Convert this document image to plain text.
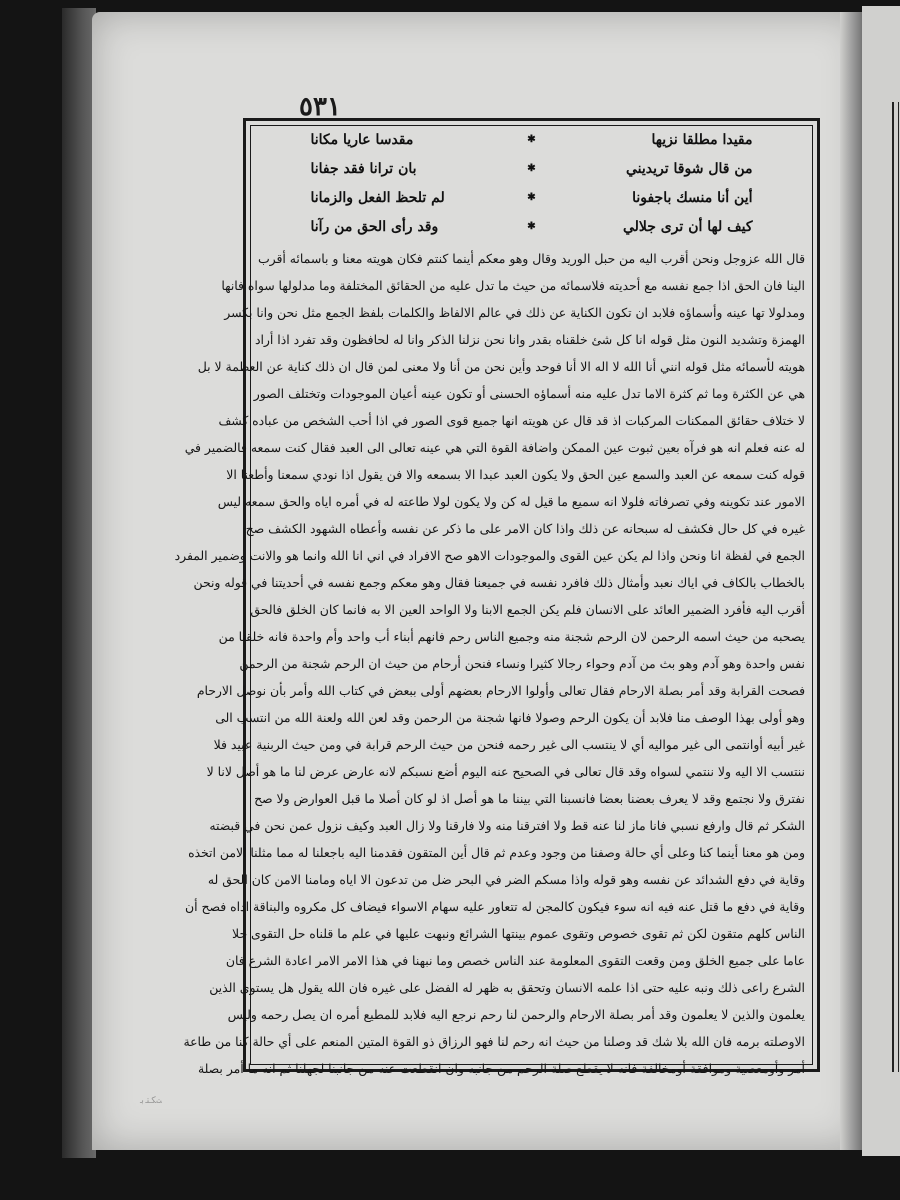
٥٣١
مقيدا مطلقا نزيها
✱
مقدسا عاريا مكانا
من قال شوقا تريديني
✱
بان ترانا فقد جفانا
أين أنا منسك باجفونا
✱
لم تلحظ الفعل والزمانا
كيف لها أن ترى جلالي
✱
وقد رأى الحق من رآنا
قال الله عزوجل ونحن أقرب اليه من حبل الوريد وقال وهو معكم أينما كنتم فكان هويته معنا و باسمائه أقرب
الينا فان الحق اذا جمع نفسه مع أحديته فلاسمائه من حيث ما تدل عليه من الحقائق المختلفة وما مدلولها سواه فانها
ومدلولا تها عينه وأسماؤه فلابد ان تكون الكناية عن ذلك في عالم الالفاظ والكلمات بلفظ الجمع مثل نحن وانا بكسر
الهمزة وتشديد النون مثل قوله انا كل شئ خلقناه بقدر وانا نحن نزلنا الذكر وانا له لحافظون وقد تفرد اذا أراد
هويته لأسمائه مثل قوله انني أنا الله لا اله الا أنا فوحد وأين نحن من أنا ولا معنى لمن قال ان ذلك كناية عن العظمة لا بل
هي عن الكثرة وما ثم كثرة الاما تدل عليه منه أسماؤه الحسنى أو تكون عينه أعيان الموجودات وتختلف الصور
لا ختلاف حقائق الممكنات المركبات اذ قد قال عن هويته انها جميع قوى الصور في اذا أحب الشخص من عباده كشف
له عنه فعلم انه هو فرآه بعين ثبوت عين الممكن واضافة القوة التي هي عينه تعالى الى العبد فقال كنت سمعه فالضمير في
قوله كنت سمعه عن العبد والسمع عين الحق ولا يكون العبد عبدا الا بسمعه والا فن يقول اذا نودي سمعنا وأطعنا الا
الامور عند تكوينه وفي تصرفاته فلولا انه سميع ما قيل له كن ولا يكون لولا طاعته له في أمره اياه والحق سمعه ليس
غيره في كل حال فكشف له سبحانه عن ذلك واذا كان الامر على ما ذكر عن نفسه وأعطاه الشهود الكشف صح
الجمع في لفظة انا ونحن واذا لم يكن عين القوى والموجودات الاهو صح الافراد في اني انا الله وانما هو والانت وضمير المفرد
بالخطاب بالكاف في اياك نعبد وأمثال ذلك فافرد نفسه في جميعنا فقال وهو معكم وجمع نفسه في أحديتنا في قوله ونحن
أقرب اليه فأفرد الضمير العائد على الانسان فلم يكن الجمع الابنا ولا الواحد العين الا به فانما كان الخلق فالحق
يصحبه من حيث اسمه الرحمن لان الرحم شجنة منه وجميع الناس رحم فانهم أبناء أب واحد وأم واحدة فانه خلقنا من
نفس واحدة وهو آدم وهو بث من آدم وحواء رجالا كثيرا ونساء فنحن أرحام من حيث ان الرحم شجنة من الرحمن
فصحت القرابة وقد أمر بصلة الارحام فقال تعالى وأولوا الارحام بعضهم أولى ببعض في كتاب الله وأمر بأن نوصل الارحام
وهو أولى بهذا الوصف منا فلابد أن يكون الرحم وصولا فانها شجنة من الرحمن وقد لعن الله ولعنة الله من انتسب الى
غير أبيه أوانتمى الى غير مواليه أي لا ينتسب الى غير رحمه فنحن من حيث الرحم قرابة في ومن حيث الربنية عبيد فلا
ننتسب الا اليه ولا ننتمي لسواه وقد قال تعالى في الصحيح عنه اليوم أضع نسبكم لانه عارض عرض لنا ما هو أصل لانا لا
نفترق ولا نجتمع وقد لا يعرف بعضنا بعضا فانسبنا التي بيننا ما هو أصل اذ لو كان أصلا ما قبل العوارض ولا صح
الشكر ثم قال وارفع نسبي فانا ماز لنا عنه قط ولا افترقنا منه ولا فارقنا ولا زال العبد وكيف نزول عمن نحن في قبضته
ومن هو معنا أينما كنا وعلى أي حالة وصفنا من وجود وعدم ثم قال أين المتقون فقدمنا اليه باجعلنا له مما مثلنا الامن اتخذه
وقاية في دفع الشدائد عن نفسه وهو قوله واذا مسكم الضر في البحر ضل من تدعون الا اياه ومامنا الامن كان الحق له
وقاية في دفع ما قتل عنه فيه انه سوء فيكون كالمجن له تتعاور عليه سهام الاسواء فيضاف كل مكروه والبناقة اداه فصح أن
الناس كلهم متقون لكن ثم تقوى خصوص وتقوى عموم بينتها الشرائع ونبهت عليها في علم ما قلناه حل التقوى حلا
عاما على جميع الخلق ومن وقعت التقوى المعلومة عند الناس خصص وما نبهنا في هذا الامر الامر اعادة الشرع فان
الشرع راعى ذلك ونبه عليه حتى اذا علمه الانسان وتحقق به ظهر له الفضل على غيره فان الله يقول هل يستوى الذين
يعلمون والذين لا يعلمون وقد أمر بصلة الارحام والرحمن لنا رحم نرجع اليه فلابد للمطيع أمره ان يصل رحمه وليس
الاوصلته برمه فان الله بلا شك قد وصلنا من حيث انه رحم لنا فهو الرزاق ذو القوة المتين المنعم على أي حالة كنا من طاعة
أمر وأومعصية وموافقة أومخالفة فانه لا يقطع صلة الرحم من جانبه وان انقطعت عنه من جانبنا لجهلنا ثم انه ما أمر بصلة
ﺖﻜﺘﺑ
